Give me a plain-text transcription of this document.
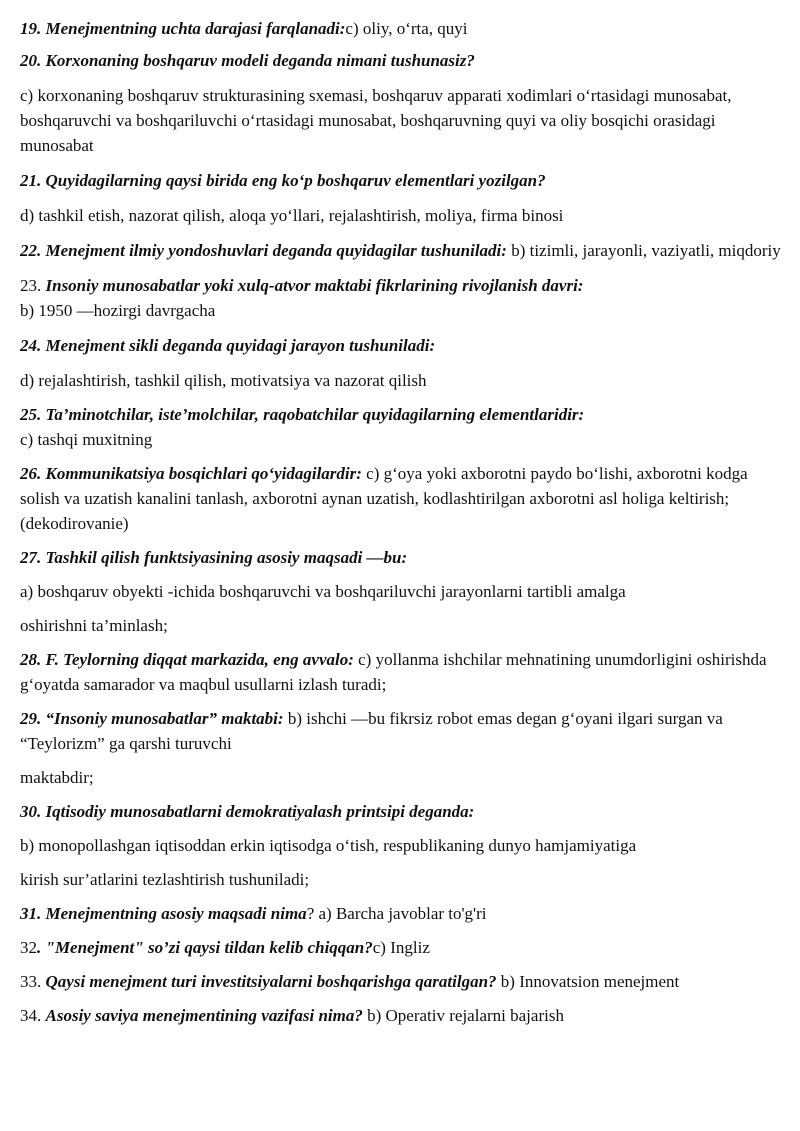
19. Menejmentning uchta darajasi farqlanadi:c) oliy, o‘rta, quyi

20. Korxonaning boshqaruv modeli deganda nimani tushunasiz?

c) korxonaning boshqaruv strukturasining sxemasi, boshqaruv apparati xodimlari o‘rtasidagi munosabat, boshqaruvchi va boshqariluvchi o‘rtasidagi munosabat, boshqaruvning quyi va oliy bosqichi orasidagi munosabat

21. Quyidagilarning qaysi birida eng ko‘p boshqaruv elementlari yozilgan?

d) tashkil etish, nazorat qilish, aloqa yo‘llari, rejalashtirish, moliya, firma binosi

22. Menejment ilmiy yondoshuvlari deganda quyidagilar tushuniladi: b) tizimli, jarayonli, vaziyatli, miqdoriy

23. Insoniy munosabatlar yoki xulq-atvor maktabi fikrlarining rivojlanish davri:

b) 1950 —hozirgi davrgacha

24. Menejment sikli deganda quyidagi jarayon tushuniladi:

d) rejalashtirish, tashkil qilish, motivatsiya va nazorat qilish

25. Ta’minotchilar, iste’molchilar, raqobatchilar quyidagilarning elementlaridir:

c) tashqi muxitning

26. Kommunikatsiya bosqichlari qo‘yidagilardir: c) g‘oya yoki axborotni paydo bo‘lishi, axborotni kodga solish va uzatish kanalini tanlash, axborotni aynan uzatish, kodlashtirilgan axborotni asl holiga keltirish; (dekodirovanie)

27. Tashkil qilish funktsiyasining asosiy maqsadi —bu:

a) boshqaruv obyekti -ichida boshqaruvchi va boshqariluvchi jarayonlarni tartibli amalga

oshirishni ta’minlash;

28. F. Teylorning diqqat markazida, eng avvalo: c) yollanma ishchilar mehnatining unumdorligini oshirishda g‘oyatda samarador va maqbul usullarni izlash turadi;

29. “Insoniy munosabatlar” maktabi: b) ishchi —bu fikrsiz robot emas degan g‘oyani ilgari surgan va “Teylorizm” ga qarshi turuvchi

maktabdir;

30. Iqtisodiy munosabatlarni demokratiyalash printsipi deganda:

b) monopollashgan iqtisoddan erkin iqtisodga o‘tish, respublikaning dunyo hamjamiyatiga

kirish sur’atlarini tezlashtirish tushuniladi;

31. Menejmentning asosiy maqsadi nima? a) Barcha javoblar to'g'ri

32. "Menejment" so’zi qaysi tildan kelib chiqqan?c) Ingliz

33. Qaysi menejment turi investitsiyalarni boshqarishga qaratilgan? b) Innovatsion menejment

34. Asosiy saviya menejmentining vazifasi nima? b) Operativ rejalarni bajarish
